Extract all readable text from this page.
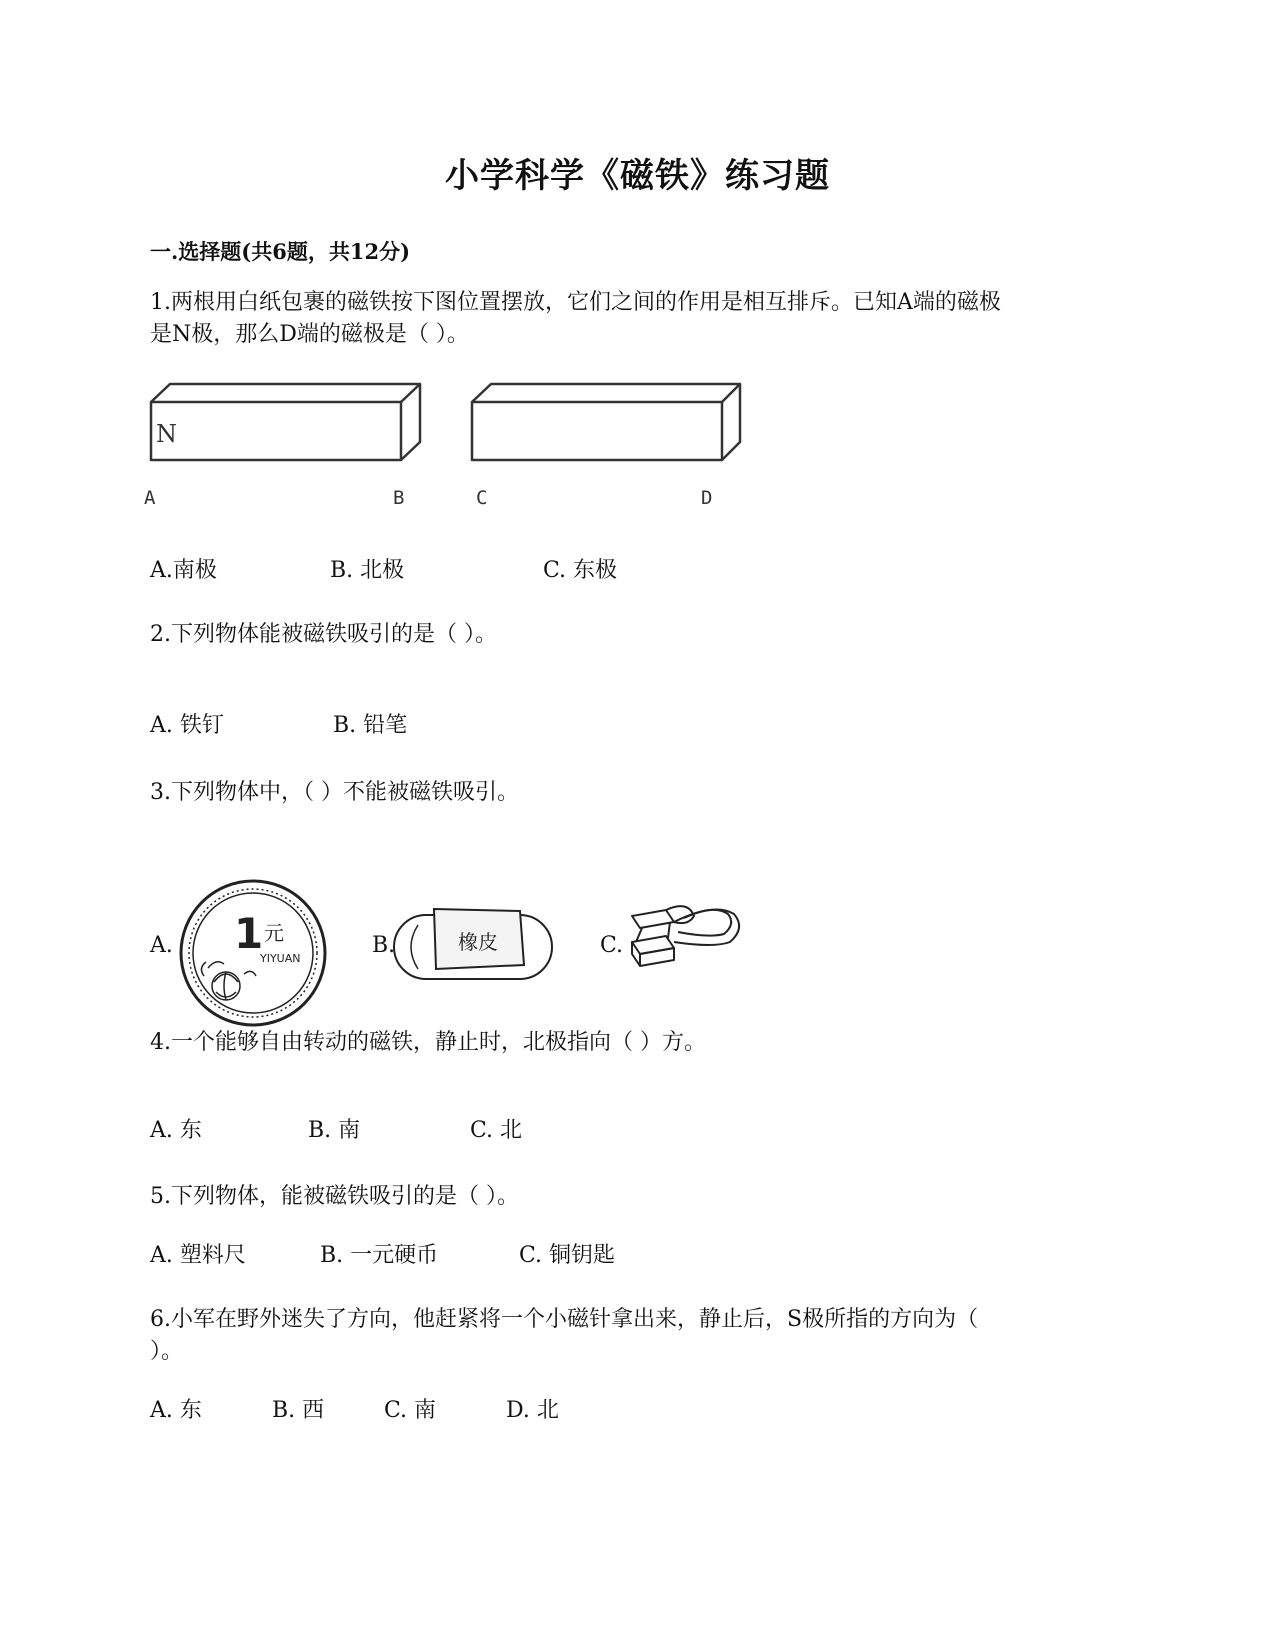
小学科学《磁铁》练习题
一.选择题(共6题，共12分)
1.两根用白纸包裹的磁铁按下图位置摆放，它们之间的作用是相互排斥。已知A端的磁极
是N极，那么D端的磁极是（ ）。
N
A	B	C	D
A.南极	B. 北极	C. 东极
2.下列物体能被磁铁吸引的是（ ）。
A. 铁钉	B. 铅笔
3.下列物体中，（ ）不能被磁铁吸引。
A. 1 元
YIYUAN
B.	橡皮	C.
4.一个能够自由转动的磁铁，静止时，北极指向（ ）方。
A. 东	B. 南	C. 北
5.下列物体，能被磁铁吸引的是（ ）。
A. 塑料尺	B. 一元硬币	C. 铜钥匙
6.小军在野外迷失了方向，他赶紧将一个小磁针拿出来，静止后，S极所指的方向为（
）。
A. 东	B. 西	C. 南	D. 北
